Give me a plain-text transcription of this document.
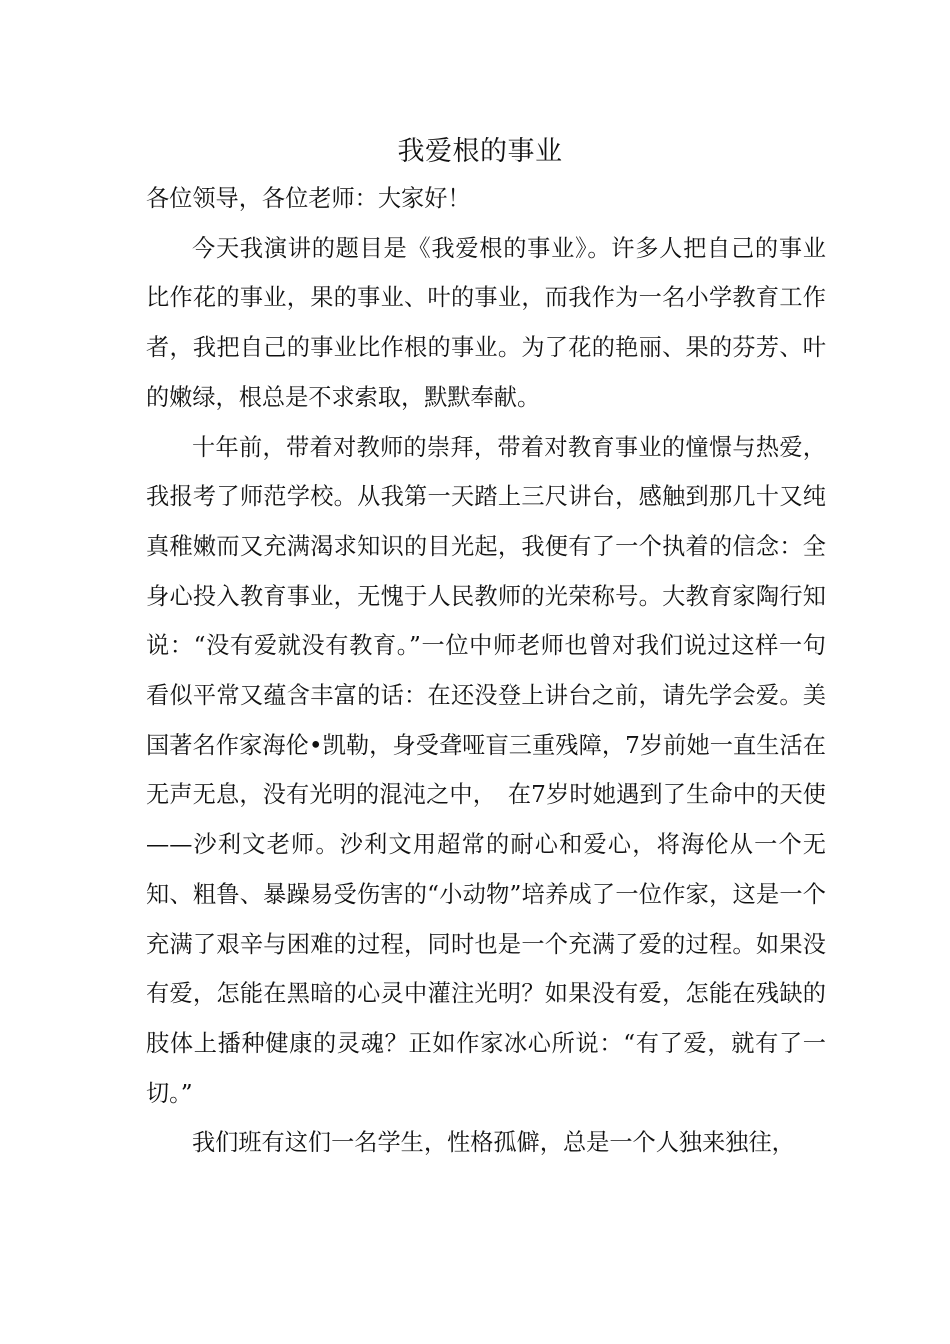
我爱根的事业

各位领导，各位老师：大家好！

今天我演讲的题目是《我爱根的事业》。许多人把自己的事业比作花的事业，果的事业、叶的事业，而我作为一名小学教育工作者，我把自己的事业比作根的事业。为了花的艳丽、果的芬芳、叶的嫩绿，根总是不求索取，默默奉献。

十年前，带着对教师的崇拜，带着对教育事业的憧憬与热爱，我报考了师范学校。从我第一天踏上三尺讲台，感触到那几十又纯真稚嫩而又充满渴求知识的目光起，我便有了一个执着的信念：全身心投入教育事业，无愧于人民教师的光荣称号。大教育家陶行知说：“没有爱就没有教育。”一位中师老师也曾对我们说过这样一句看似平常又蕴含丰富的话：在还没登上讲台之前，请先学会爱。美国著名作家海伦•凯勒，身受聋哑盲三重残障，7岁前她一直生活在无声无息，没有光明的混沌之中，　在7岁时她遇到了生命中的天使——沙利文老师。沙利文用超常的耐心和爱心，将海伦从一个无知、粗鲁、暴躁易受伤害的“小动物”培养成了一位作家，这是一个充满了艰辛与困难的过程，同时也是一个充满了爱的过程。如果没有爱，怎能在黑暗的心灵中灌注光明？如果没有爱，怎能在残缺的肢体上播种健康的灵魂？正如作家冰心所说：“有了爱，就有了一切。”

我们班有这们一名学生，性格孤僻，总是一个人独来独往，
